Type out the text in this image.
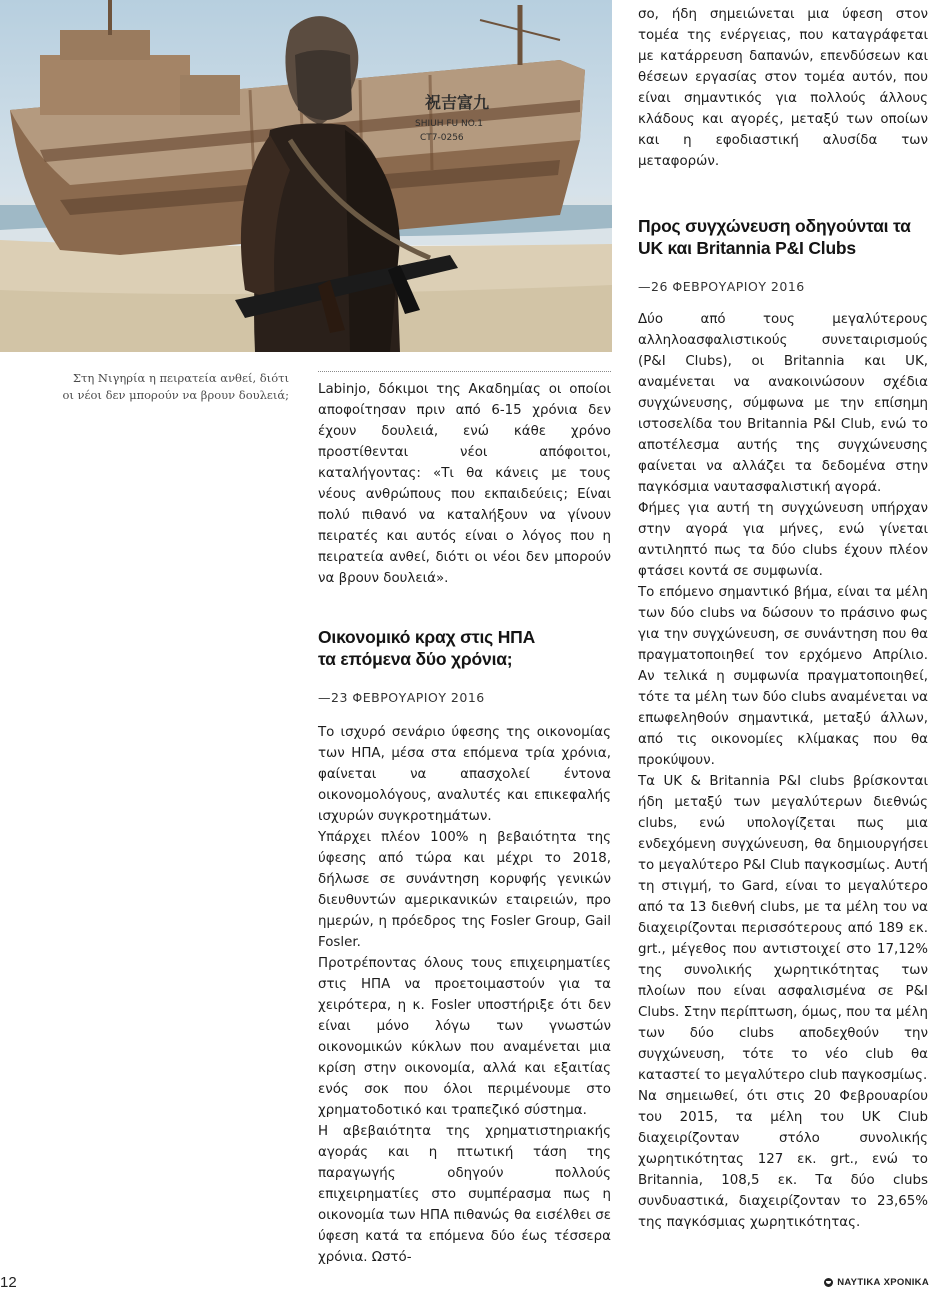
祝吉富九
SHIUH FU NO.1
CT7-0256
Στη Νιγηρία η πειρατεία ανθεί, διότι οι νέοι δεν μπορούν να βρουν δουλειά; Labinjo, δόκιμοι της Ακαδημίας οι οποίοι αποφοίτησαν πριν από 6-15 χρόνια δεν έχουν δουλειά, ενώ κάθε χρόνο προστίθενται νέοι απόφοιτοι, καταλήγοντας: «Τι θα κάνεις με τους νέους ανθρώπους που εκπαιδεύεις; Είναι πολύ πιθανό να καταλήξουν να γίνουν πειρατές και αυτός είναι ο λόγος που η πειρατεία ανθεί, διότι οι νέοι δεν μπορούν να βρουν δουλειά».

Οικονομικό κραχ στις ΗΠΑ
τα επόμενα δύο χρόνια;
—23 ΦΕΒΡΟΥΑΡΙΟΥ 2016

Το ισχυρό σενάριο ύφεσης της οικονομίας των ΗΠΑ, μέσα στα επόμενα τρία χρόνια, φαίνεται να απασχολεί έντονα οικονομολόγους, αναλυτές και επικεφαλής ισχυρών συγκροτημάτων.

Υπάρχει πλέον 100% η βεβαιότητα της ύφεσης από τώρα και μέχρι το 2018, δήλωσε σε συνάντηση κορυφής γενικών διευθυντών αμερικανικών εταιρειών, προ ημερών, η πρόεδρος της Fosler Group, Gail Fosler.

Προτρέποντας όλους τους επιχειρηματίες στις ΗΠΑ να προετοιμαστούν για τα χειρότερα, η κ. Fosler υποστήριξε ότι δεν είναι μόνο λόγω των γνωστών οικονομικών κύκλων που αναμένεται μια κρίση στην οικονομία, αλλά και εξαιτίας ενός σοκ που όλοι περιμένουμε στο χρηματοδοτικό και τραπεζικό σύστημα.

Η αβεβαιότητα της χρηματιστηριακής αγοράς και η πτωτική τάση της παραγωγής οδηγούν πολλούς επιχειρηματίες στο συμπέρασμα πως η οικονομία των ΗΠΑ πιθανώς θα εισέλθει σε ύφεση κατά τα επόμενα δύο έως τέσσερα χρόνια. Ωστό-

σο, ήδη σημειώνεται μια ύφεση στον τομέα της ενέργειας, που καταγράφεται με κατάρρευση δαπανών, επενδύσεων και θέσεων εργασίας στον τομέα αυτόν, που είναι σημαντικός για πολλούς άλλους κλάδους και αγορές, μεταξύ των οποίων και η εφοδιαστική αλυσίδα των μεταφορών.

Προς συγχώνευση οδηγούνται τα
UK και Britannia P&I Clubs
—26 ΦΕΒΡΟΥΑΡΙΟΥ 2016

Δύο από τους μεγαλύτερους αλληλοασφαλιστικούς συνεταιρισμούς (P&I Clubs), οι Britannia και UK, αναμένεται να ανακοινώσουν σχέδια συγχώνευσης, σύμφωνα με την επίσημη ιστοσελίδα του Britannia P&I Club, ενώ το αποτέλεσμα αυτής της συγχώνευσης φαίνεται να αλλάζει τα δεδομένα στην παγκόσμια ναυτασφαλιστική αγορά.

Φήμες για αυτή τη συγχώνευση υπήρχαν στην αγορά για μήνες, ενώ γίνεται αντιληπτό πως τα δύο clubs έχουν πλέον φτάσει κοντά σε συμφωνία.

Το επόμενο σημαντικό βήμα, είναι τα μέλη των δύο clubs να δώσουν το πράσινο φως για την συγχώνευση, σε συνάντηση που θα πραγματοποιηθεί τον ερχόμενο Απρίλιο. Αν τελικά η συμφωνία πραγματοποιηθεί, τότε τα μέλη των δύο clubs αναμένεται να επωφεληθούν σημαντικά, μεταξύ άλλων, από τις οικονομίες κλίμακας που θα προκύψουν.

Τα UK & Britannia P&I clubs βρίσκονται ήδη μεταξύ των μεγαλύτερων διεθνώς clubs, ενώ υπολογίζεται πως μια ενδεχόμενη συγχώνευση, θα δημιουργήσει το μεγαλύτερο P&I Club παγκοσμίως. Αυτή τη στιγμή, το Gard, είναι το μεγαλύτερο από τα 13 διεθνή clubs, με τα μέλη του να διαχειρίζονται περισσότερους από 189 εκ. grt., μέγεθος που αντιστοιχεί στο 17,12% της συνολικής χωρητικότητας των πλοίων που είναι ασφαλισμένα σε P&I Clubs. Στην περίπτωση, όμως, που τα μέλη των δύο clubs αποδεχθούν την συγχώνευση, τότε το νέο club θα καταστεί το μεγαλύτερο club παγκοσμίως.

Να σημειωθεί, ότι στις 20 Φεβρουαρίου του 2015, τα μέλη του UK Club διαχειρίζονταν στόλο συνολικής χωρητικότητας 127 εκ. grt., ενώ το Britannia, 108,5 εκ. Τα δύο clubs συνδυαστικά, διαχειρίζονταν το 23,65% της παγκόσμιας χωρητικότητας.

12	ΝΑΥΤΙΚΑ ΧΡΟΝΙΚΑ
